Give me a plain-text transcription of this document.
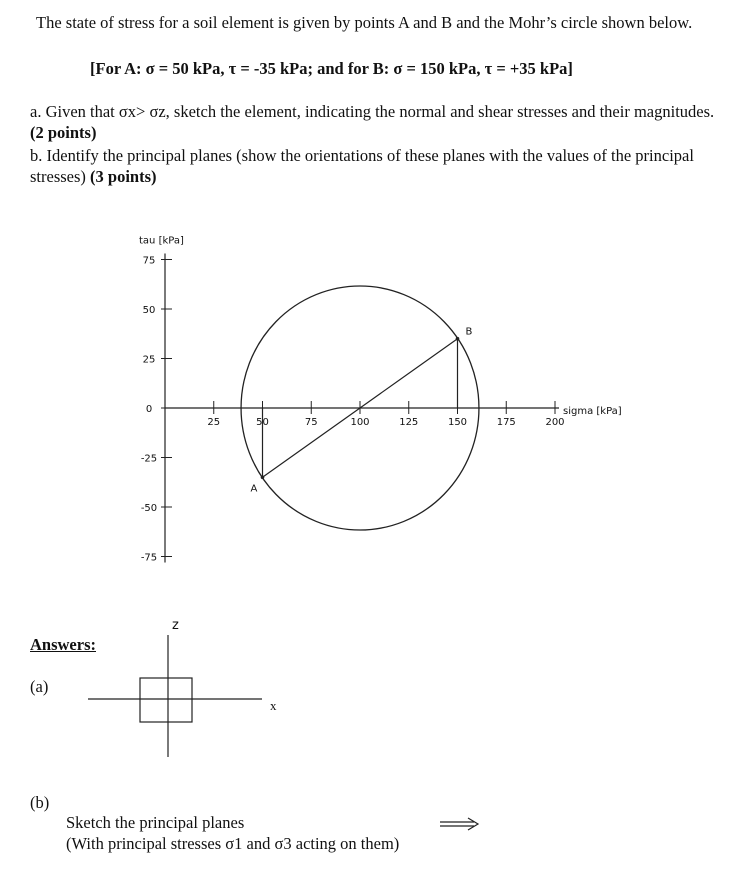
The state of stress for a soil element is given by points A and B and the Mohr’s circle shown below.

[For A: σ = 50 kPa, τ = -35 kPa; and for B: σ = 150 kPa, τ = +35 kPa]

a. Given that σx> σz, sketch the element, indicating the normal and shear stresses and their magnitudes. (2 points)

b. Identify the principal planes (show the orientations of these planes with the values of the principal stresses) (3 points)

75
50
25
0
-25
-50
-75
25	50	75	100	125	150	175	200
tau [kPa]
sigma [kPa]
A
B

Answers:

(a)

z

x

(b)

Sketch the principal planes

(With principal stresses σ1 and σ3 acting on them)
